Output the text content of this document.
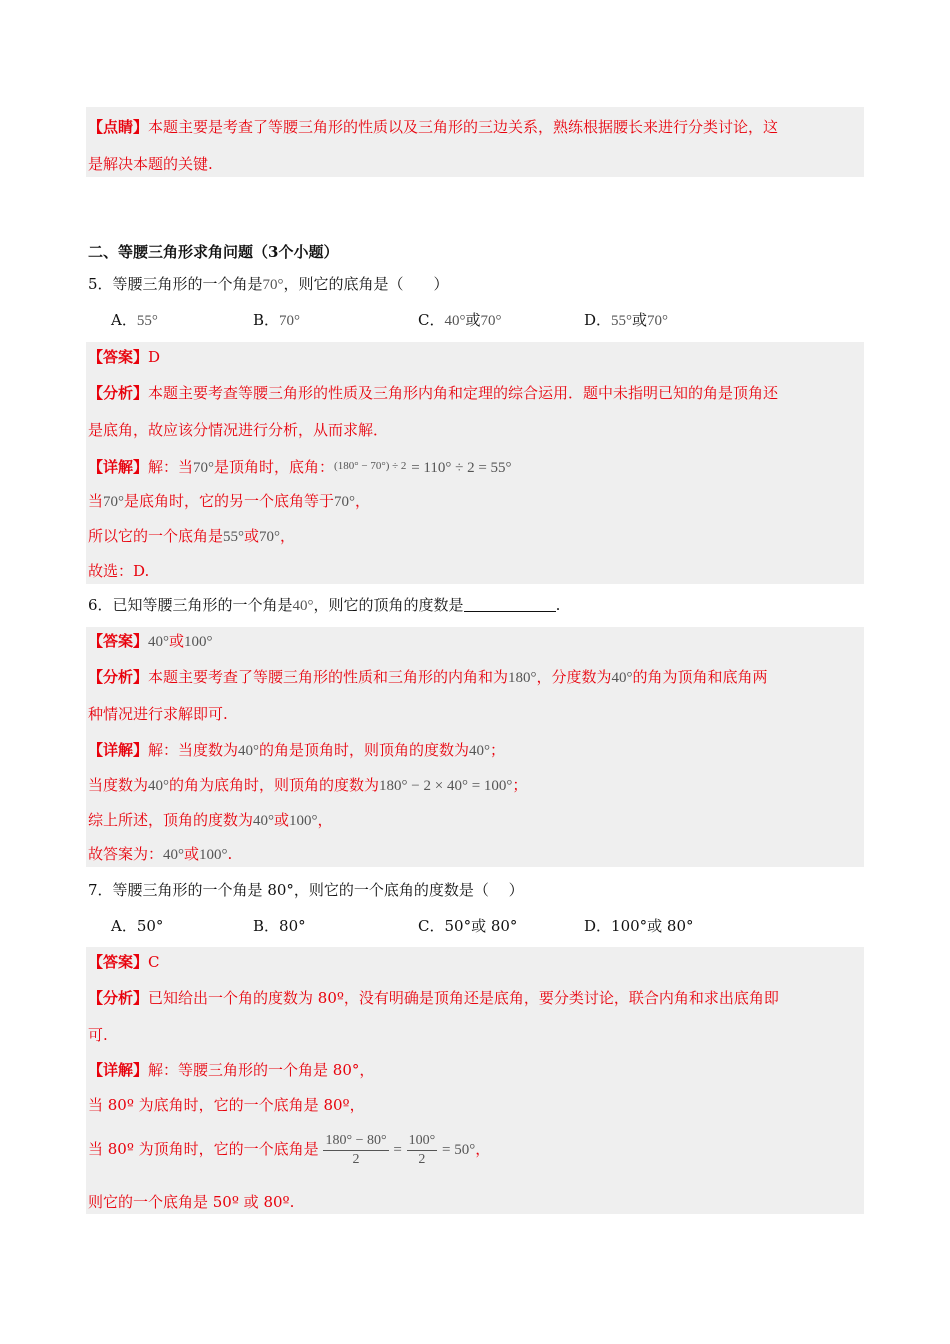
【点睛】本题主要是考查了等腰三角形的性质以及三角形的三边关系，熟练根据腰长来进行分类讨论，这
是解决本题的关键.
二、等腰三角形求角问题（3个小题）
5．等腰三角形的一个角是70°，则它的底角是（　　）
A．55°	B．70°	C．40°或70°	D．55°或70°
【答案】D
【分析】本题主要考查等腰三角形的性质及三角形内角和定理的综合运用．题中未指明已知的角是顶角还
是底角，故应该分情况进行分析，从而求解．
【详解】解：当70°是顶角时，底角：$^{(180^\circ - 70^\circ) \div 2}$ = 110° ÷ 2 = 55°
当70°是底角时，它的另一个底角等于70°，
所以它的一个底角是55°或70°，
故选：D.
6．已知等腰三角形的一个角是40°，则它的顶角的度数是	.
【答案】40°或100°
【分析】本题主要考查了等腰三角形的性质和三角形的内角和为180°，分度数为40°的角为顶角和底角两
种情况进行求解即可.
【详解】解：当度数为40°的角是顶角时，则顶角的度数为40°；
当度数为40°的角为底角时，则顶角的度数为180° − 2 × 40° = 100°；
综上所述，顶角的度数为40°或100°，
故答案为：40°或100°.
7．等腰三角形的一个角是 80°，则它的一个底角的度数是（　 ）
A．50°	B．80°	C．50°或 80°	D．100°或 80°
【答案】C
【分析】已知给出一个角的度数为 80º，没有明确是顶角还是底角，要分类讨论，联合内角和求出底角即
可.
【详解】解：等腰三角形的一个角是 80°，
当 80º 为底角时，它的一个底角是 80º，
当 80º 为顶角时，它的一个底角是 $\frac{180^\circ - 80^\circ}{2} = \frac{100^\circ}{2} = 50^\circ$，
则它的一个底角是 50º 或 80º.
